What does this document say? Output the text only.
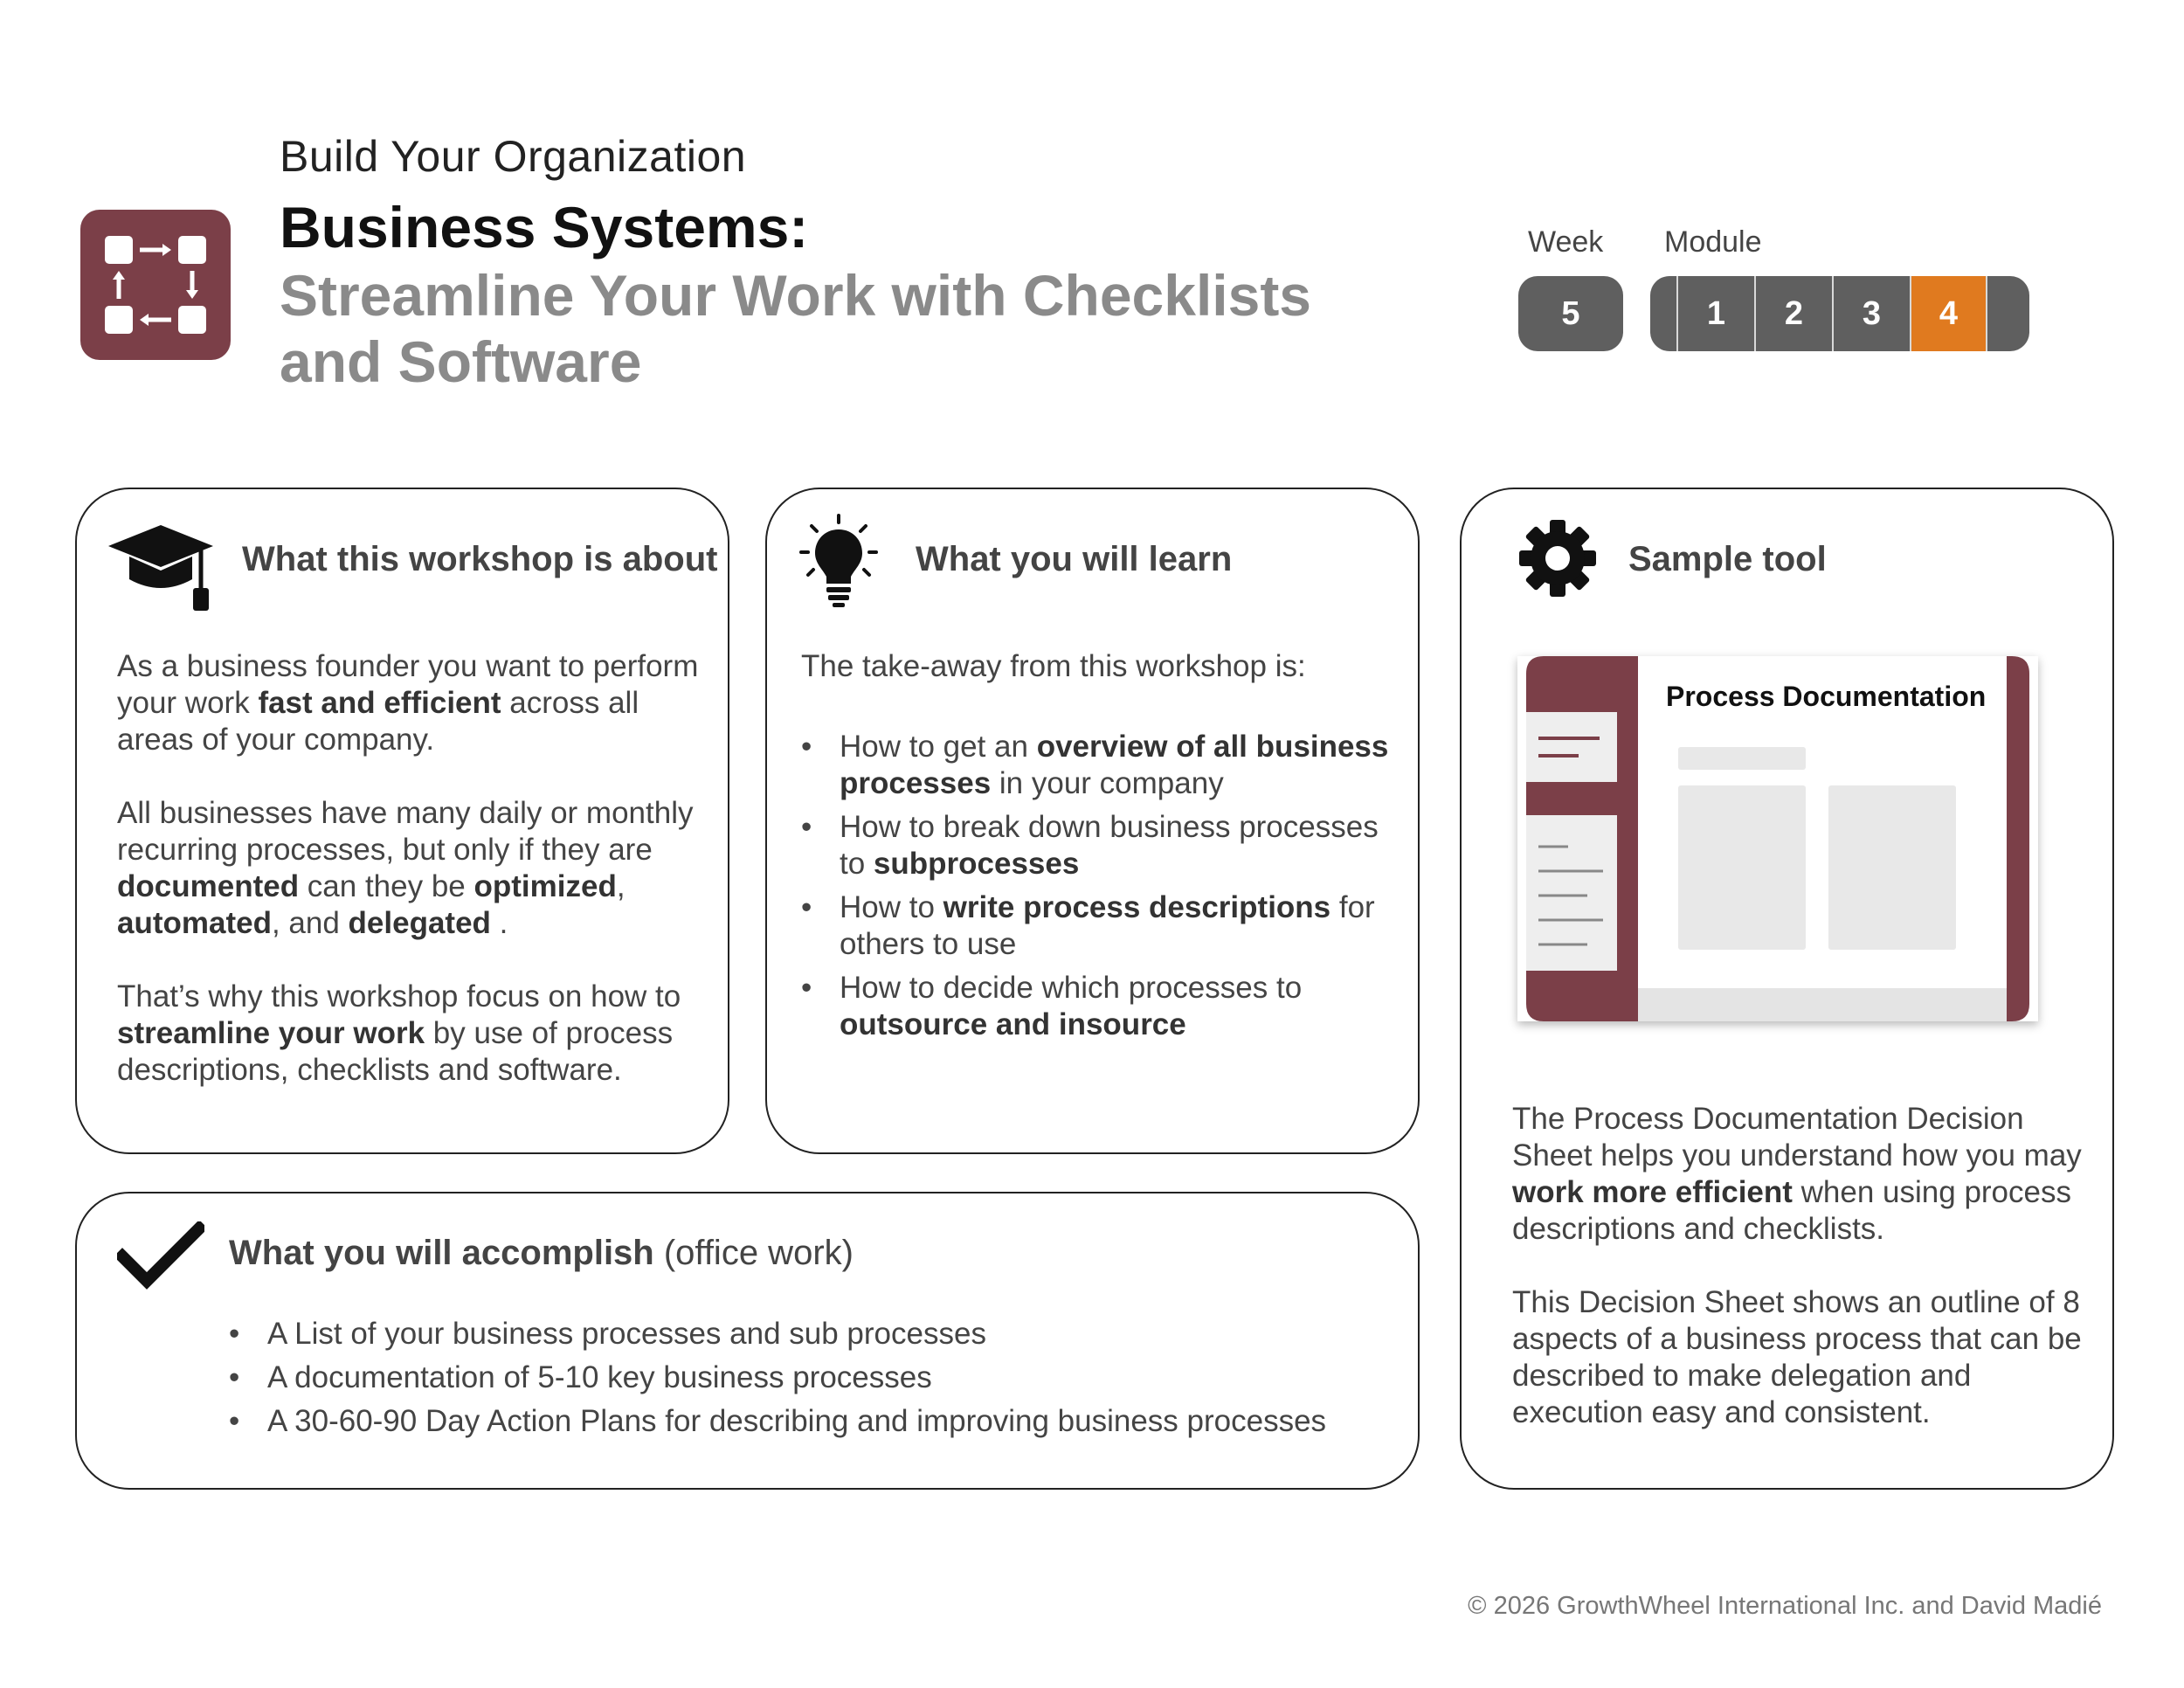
Build Your Organization
Business Systems:
Streamline Your Work with Checklists and Software
Week Module
5	1	2	3	4
What this workshop is about

As a business founder you want to perform your work fast and efficient across all areas of your company.

All businesses have many daily or monthly recurring processes, but only if they are documented can they be optimized, automated, and delegated .

That’s why this workshop focus on how to streamline your work by use of process descriptions, checklists and software.

What you will learn

The take-away from this workshop is:

• How to get an overview of all business processes in your company
• How to break down business processes to subprocesses
• How to write process descriptions for others to use
• How to decide which processes to outsource and insource
Sample tool
Process Documentation

The Process Documentation Decision Sheet helps you understand how you may work more efficient when using process descriptions and checklists.

This Decision Sheet shows an outline of 8 aspects of a business process that can be described to make delegation and execution easy and consistent.

What you will accomplish (office work)
• A List of your business processes and sub processes
• A documentation of 5-10 key business processes
• A 30-60-90 Day Action Plans for describing and improving business processes
© 2026 GrowthWheel International Inc. and David Madié
